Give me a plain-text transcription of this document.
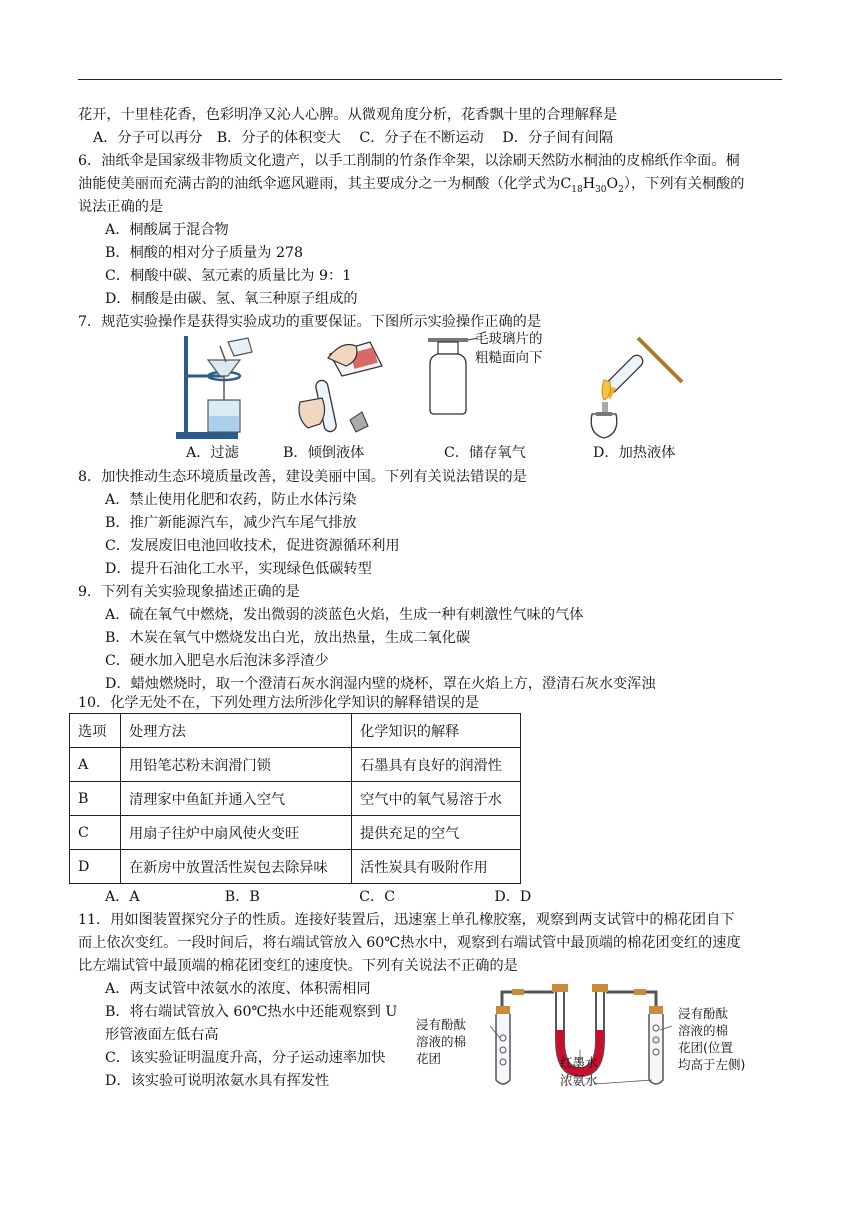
花开，十里桂花香，色彩明净又沁人心脾。从微观角度分析，花香飘十里的合理解释是
A．分子可以再分　B．分子的体积变大　 C．分子在不断运动　 D．分子间有间隔
6．油纸伞是国家级非物质文化遗产，以手工削制的竹条作伞架，以涂刷天然防水桐油的皮棉纸作伞面。桐
油能使美丽而充满古韵的油纸伞遮风避雨，其主要成分之一为桐酸（化学式为$C_{18}H_{30}O_2$），下列有关桐酸的
说法正确的是
A．桐酸属于混合物
B．桐酸的相对分子质量为 278
C．桐酸中碳、氢元素的质量比为 9：1
D．桐酸是由碳、氢、氧三种原子组成的
7．规范实验操作是获得实验成功的重要保证。下图所示实验操作正确的是
毛玻璃片的
粗糙面向下
A．过滤	B．倾倒液体	C．储存氧气	D．加热液体
8．加快推动生态环境质量改善，建设美丽中国。下列有关说法错误的是
A．禁止使用化肥和农药，防止水体污染
B．推广新能源汽车，减少汽车尾气排放
C．发展废旧电池回收技术，促进资源循环利用
D．提升石油化工水平，实现绿色低碳转型
9．下列有关实验现象描述正确的是
A．硫在氧气中燃烧，发出微弱的淡蓝色火焰，生成一种有刺激性气味的气体
B．木炭在氧气中燃烧发出白光，放出热量，生成二氧化碳
C．硬水加入肥皂水后泡沫多浮渣少
D．蜡烛燃烧时，取一个澄清石灰水润湿内壁的烧杯，罩在火焰上方，澄清石灰水变浑浊
10．化学无处不在，下列处理方法所涉化学知识的解释错误的是
选项	处理方法	化学知识的解释
A	用铅笔芯粉末润滑门锁	石墨具有良好的润滑性
B	清理家中鱼缸并通入空气	空气中的氧气易溶于水
C	用扇子往炉中扇风使火变旺	提供充足的空气
D	在新房中放置活性炭包去除异味	活性炭具有吸附作用
A．A　　　　　　B．B　　　　　　　C．C　　　　　　　D．D
11．用如图装置探究分子的性质。连接好装置后，迅速塞上单孔橡胶塞，观察到两支试管中的棉花团自下
而上依次变红。一段时间后，将右端试管放入 60℃热水中，观察到右端试管中最顶端的棉花团变红的速度
比左端试管中最顶端的棉花团变红的速度快。下列有关说法不正确的是
A．两支试管中浓氨水的浓度、体积需相同
B．将右端试管放入 60℃热水中还能观察到 U
形管液面左低右高
C．该实验证明温度升高，分子运动速率加快
D．该实验可说明浓氨水具有挥发性
浸有酚酞
溶液的棉
花团
浸有酚酞
溶液的棉
花团(位置
均高于左侧)
红墨水
浓氨水
